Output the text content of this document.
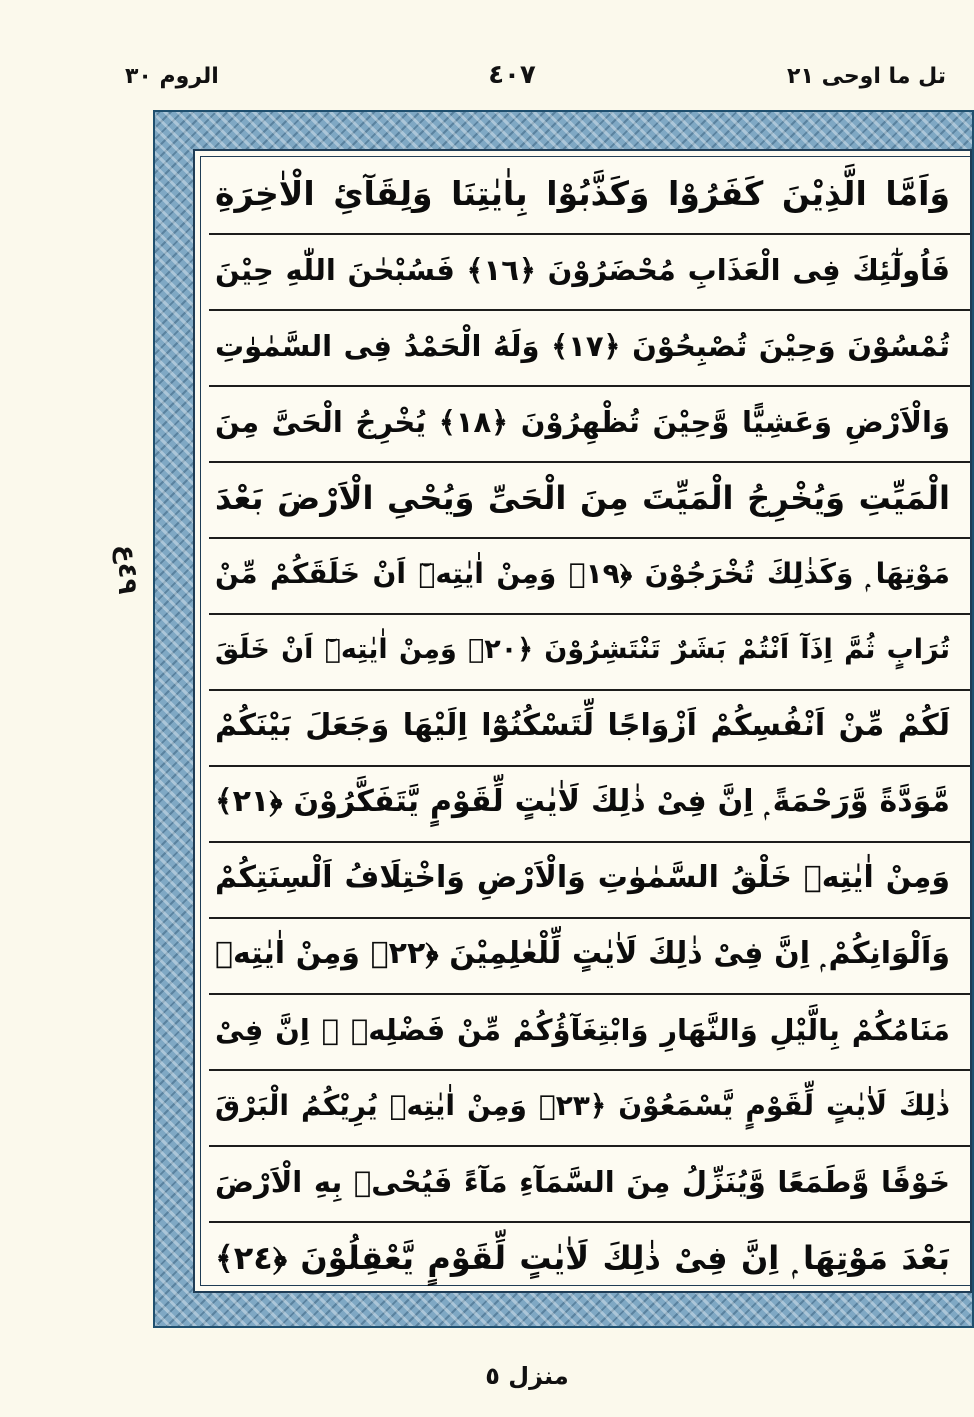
الروم ٣٠	٤٠٧	تل ما اوحی ٢١
٤٩ع
وَاَمَّا الَّذِيْنَ كَفَرُوْا وَكَذَّبُوْا بِاٰيٰتِنَا وَلِقَآئِ الْاٰخِرَةِ
فَاُولٰٓئِكَ فِى الْعَذَابِ مُحْضَرُوْنَ ﴿١٦﴾ فَسُبْحٰنَ اللّٰهِ حِيْنَ
تُمْسُوْنَ وَحِيْنَ تُصْبِحُوْنَ ﴿١٧﴾ وَلَهُ الْحَمْدُ فِى السَّمٰوٰتِ
وَالْاَرْضِ وَعَشِيًّا وَّحِيْنَ تُظْهِرُوْنَ ﴿١٨﴾ يُخْرِجُ الْحَىَّ مِنَ
الْمَيِّتِ وَيُخْرِجُ الْمَيِّتَ مِنَ الْحَىِّ وَيُحْىِ الْاَرْضَ بَعْدَ
مَوْتِهَا ۭ وَكَذٰلِكَ تُخْرَجُوْنَ ﴿١٩﴾ وَمِنْ اٰيٰتِهٖٓ اَنْ خَلَقَكُمْ مِّنْ
تُرَابٍ ثُمَّ اِذَآ اَنْتُمْ بَشَرٌ تَنْتَشِرُوْنَ ﴿٢٠﴾ وَمِنْ اٰيٰتِهٖٓ اَنْ خَلَقَ
لَكُمْ مِّنْ اَنْفُسِكُمْ اَزْوَاجًا لِّتَسْكُنُوْٓا اِلَيْهَا وَجَعَلَ بَيْنَكُمْ
مَّوَدَّةً وَّرَحْمَةً ۭ اِنَّ فِىْ ذٰلِكَ لَاٰيٰتٍ لِّقَوْمٍ يَّتَفَكَّرُوْنَ ﴿٢١﴾
وَمِنْ اٰيٰتِهٖ خَلْقُ السَّمٰوٰتِ وَالْاَرْضِ وَاخْتِلَافُ اَلْسِنَتِكُمْ
وَاَلْوَانِكُمْ ۭ اِنَّ فِىْ ذٰلِكَ لَاٰيٰتٍ لِّلْعٰلِمِيْنَ ﴿٢٢﴾ وَمِنْ اٰيٰتِهٖ
مَنَامُكُمْ بِالَّيْلِ وَالنَّهَارِ وَابْتِغَآؤُكُمْ مِّنْ فَضْلِهٖ ۭ اِنَّ فِىْ
ذٰلِكَ لَاٰيٰتٍ لِّقَوْمٍ يَّسْمَعُوْنَ ﴿٢٣﴾ وَمِنْ اٰيٰتِهٖ يُرِيْكُمُ الْبَرْقَ
خَوْفًا وَّطَمَعًا وَّيُنَزِّلُ مِنَ السَّمَآءِ مَآءً فَيُحْىٖ بِهِ الْاَرْضَ
بَعْدَ مَوْتِهَا ۭ اِنَّ فِىْ ذٰلِكَ لَاٰيٰتٍ لِّقَوْمٍ يَّعْقِلُوْنَ ﴿٢٤﴾
منزل ٥
